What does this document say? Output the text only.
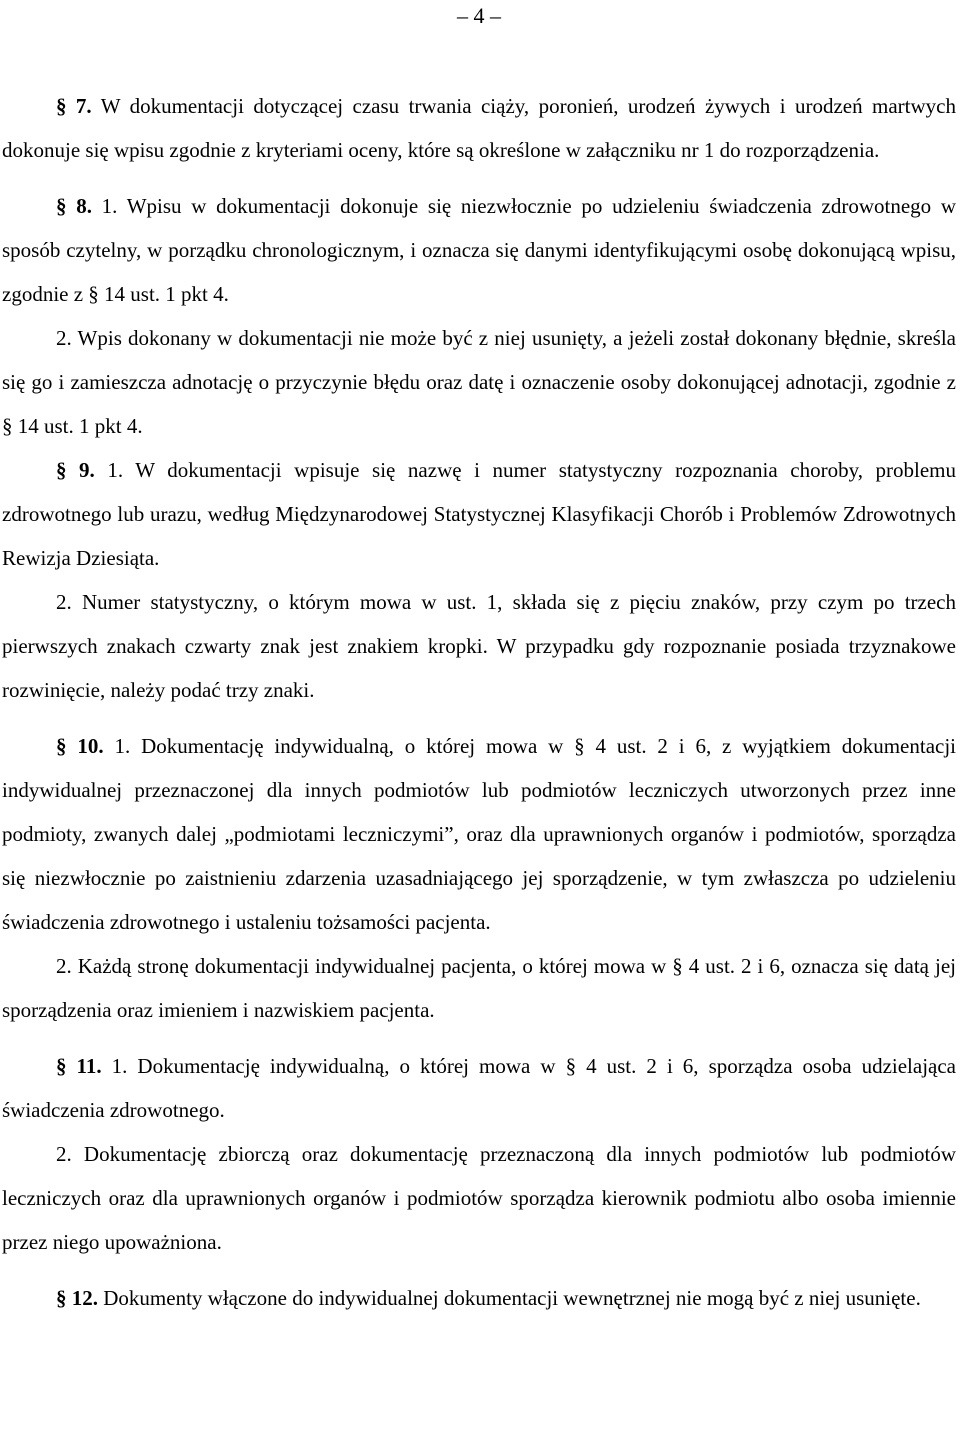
– 4 –

§ 7. W dokumentacji dotyczącej czasu trwania ciąży, poronień, urodzeń żywych i urodzeń martwych dokonuje się wpisu zgodnie z kryteriami oceny, które są określone w załączniku nr 1 do rozporządzenia.

§ 8. 1. Wpisu w dokumentacji dokonuje się niezwłocznie po udzieleniu świadczenia zdrowotnego w sposób czytelny, w porządku chronologicznym, i oznacza się danymi identyfikującymi osobę dokonującą wpisu, zgodnie z § 14 ust. 1 pkt 4.

2. Wpis dokonany w dokumentacji nie może być z niej usunięty, a jeżeli został dokonany błędnie, skreśla się go i zamieszcza adnotację o przyczynie błędu oraz datę i oznaczenie osoby dokonującej adnotacji, zgodnie z § 14 ust. 1 pkt 4.

§ 9. 1. W dokumentacji wpisuje się nazwę i numer statystyczny rozpoznania choroby, problemu zdrowotnego lub urazu, według Międzynarodowej Statystycznej Klasyfikacji Chorób i Problemów Zdrowotnych Rewizja Dziesiąta.

2. Numer statystyczny, o którym mowa w ust. 1, składa się z pięciu znaków, przy czym po trzech pierwszych znakach czwarty znak jest znakiem kropki. W przypadku gdy rozpoznanie posiada trzyznakowe rozwinięcie, należy podać trzy znaki.

§ 10. 1. Dokumentację indywidualną, o której mowa w § 4 ust. 2 i 6, z wyjątkiem dokumentacji indywidualnej przeznaczonej dla innych podmiotów lub podmiotów leczniczych utworzonych przez inne podmioty, zwanych dalej „podmiotami leczniczymi”, oraz dla uprawnionych organów i podmiotów, sporządza się niezwłocznie po zaistnieniu zdarzenia uzasadniającego jej sporządzenie, w tym zwłaszcza po udzieleniu świadczenia zdrowotnego i ustaleniu tożsamości pacjenta.

2. Każdą stronę dokumentacji indywidualnej pacjenta, o której mowa w § 4 ust. 2 i 6, oznacza się datą jej sporządzenia oraz imieniem i nazwiskiem pacjenta.

§ 11. 1. Dokumentację indywidualną, o której mowa w § 4 ust. 2 i 6, sporządza osoba udzielająca świadczenia zdrowotnego.

2. Dokumentację zbiorczą oraz dokumentację przeznaczoną dla innych podmiotów lub podmiotów leczniczych oraz dla uprawnionych organów i podmiotów sporządza kierownik podmiotu albo osoba imiennie przez niego upoważniona.

§ 12. Dokumenty włączone do indywidualnej dokumentacji wewnętrznej nie mogą być z niej usunięte.
